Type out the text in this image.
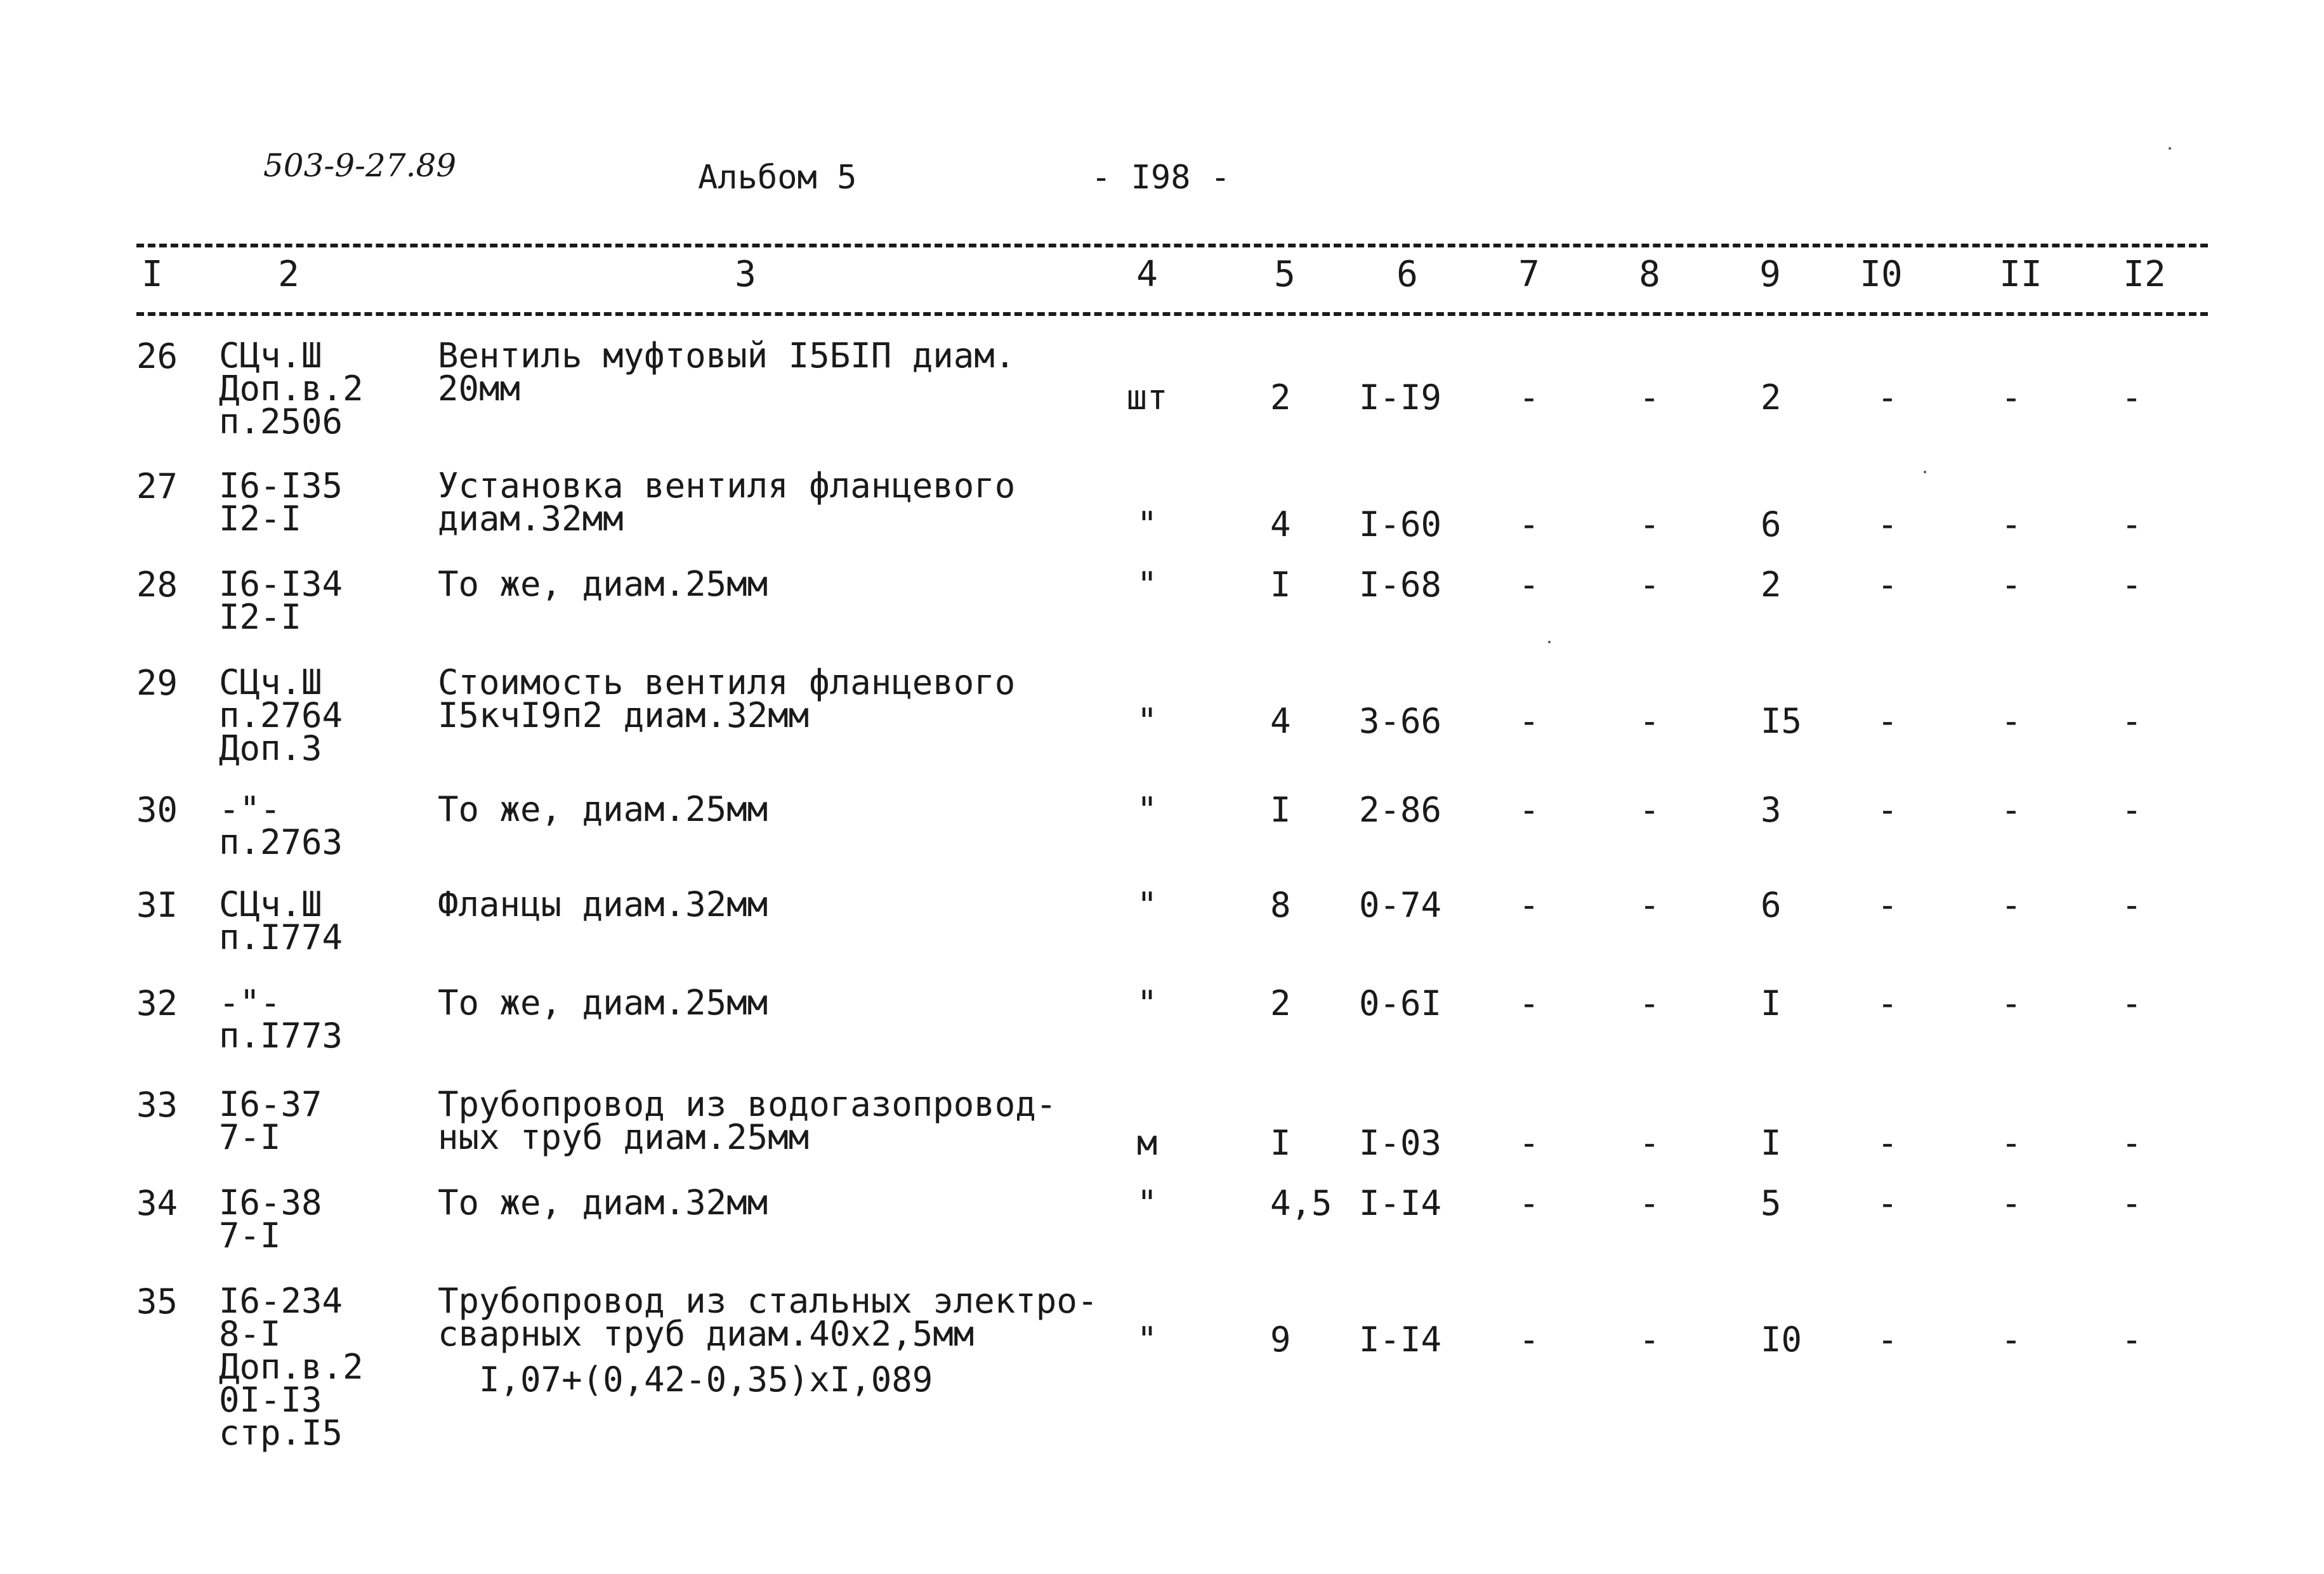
503-9-27.89	Альбом 5	- I98 -
I	2	3	4	5	6	7	8	9 I0	II I2
26 СЦч.Ш
Доп.в.2
п.2506
Вентиль муфтовый I5БIП диам.
20мм	шт	2 I-I9 -	-	2	-	-	-
27 I6-I35
I2-I
Установка вентиля фланцевого
диам.32мм	"	4 I-60 -	-	6	-	-	-
28 I6-I34
I2-I
То же, диам.25мм	"	I I-68 -	-	2	-	-	-
29 СЦч.Ш
п.2764
Доп.3
Стоимость вентиля фланцевого
I5кчI9п2 диам.32мм	"	4 3-66 -	-	I5 -	-	-
30 -"-
п.2763
То же, диам.25мм	"	I 2-86 -	-	3	-	-	-
3I СЦч.Ш
п.I774
Фланцы диам.32мм	"	8 0-74 -	-	6	-	-	-
32 -"-
п.I773
То же, диам.25мм	"	2 0-6I -	-	I	-	-	-
33 I6-37
7-I
Трубопровод из водогазопровод-
ных труб диам.25мм	м	I I-03 -	-	I	-	-	-
34 I6-38
7-I
То же, диам.32мм	"	4,5 I-I4 -	-	5	-	-	-
35 I6-234
8-I
Доп.в.2
0I-I3
стр.I5
Трубопровод из стальных электро-
сварных труб диам.40x2,5мм
I,07+(0,42-0,35)xI,089
"	9 I-I4 -	-	I0 -	-	-
